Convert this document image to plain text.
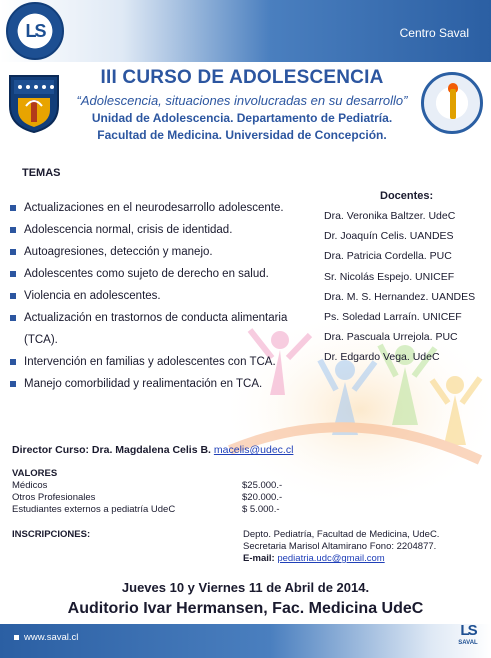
LS	Centro Saval
III CURSO DE ADOLESCENCIA
“Adolescencia, situaciones involucradas en su desarrollo”
Unidad de Adolescencia. Departamento de Pediatría.
Facultad de Medicina. Universidad de Concepción.
TEMAS
Actualizaciones en el neurodesarrollo adolescente.
Adolescencia normal, crisis de identidad.
Autoagresiones, detección y manejo.
Adolescentes como sujeto de derecho en salud.
Violencia en adolescentes.
Actualización en trastornos de conducta alimentaria (TCA).
Intervención en familias y adolescentes con TCA.
Manejo comorbilidad y realimentación en TCA.
Docentes:
Dra. Veronika Baltzer. UdeC
Dr. Joaquín Celis. UANDES
Dra. Patricia Cordella. PUC
Sr. Nicolás Espejo. UNICEF
Dra. M. S. Hernandez. UANDES
Ps. Soledad Larraín. UNICEF
Dra. Pascuala Urrejola. PUC
Dr. Edgardo Vega. UdeC
Director Curso: Dra. Magdalena Celis B. macelis@udec.cl
VALORES
Médicos	$25.000.-
Otros Profesionales	$20.000.-
Estudiantes externos a pediatría UdeC	$ 5.000.-
INSCRIPCIONES:	Depto. Pediatría, Facultad de Medicina, UdeC.
Secretaria Marisol Altamirano Fono: 2204877.
E-mail: pediatria.udc@gmail.com
Jueves 10 y Viernes 11 de Abril de 2014.
Auditorio Ivar Hermansen, Fac. Medicina UdeC
www.saval.cl	LS
SAVAL
